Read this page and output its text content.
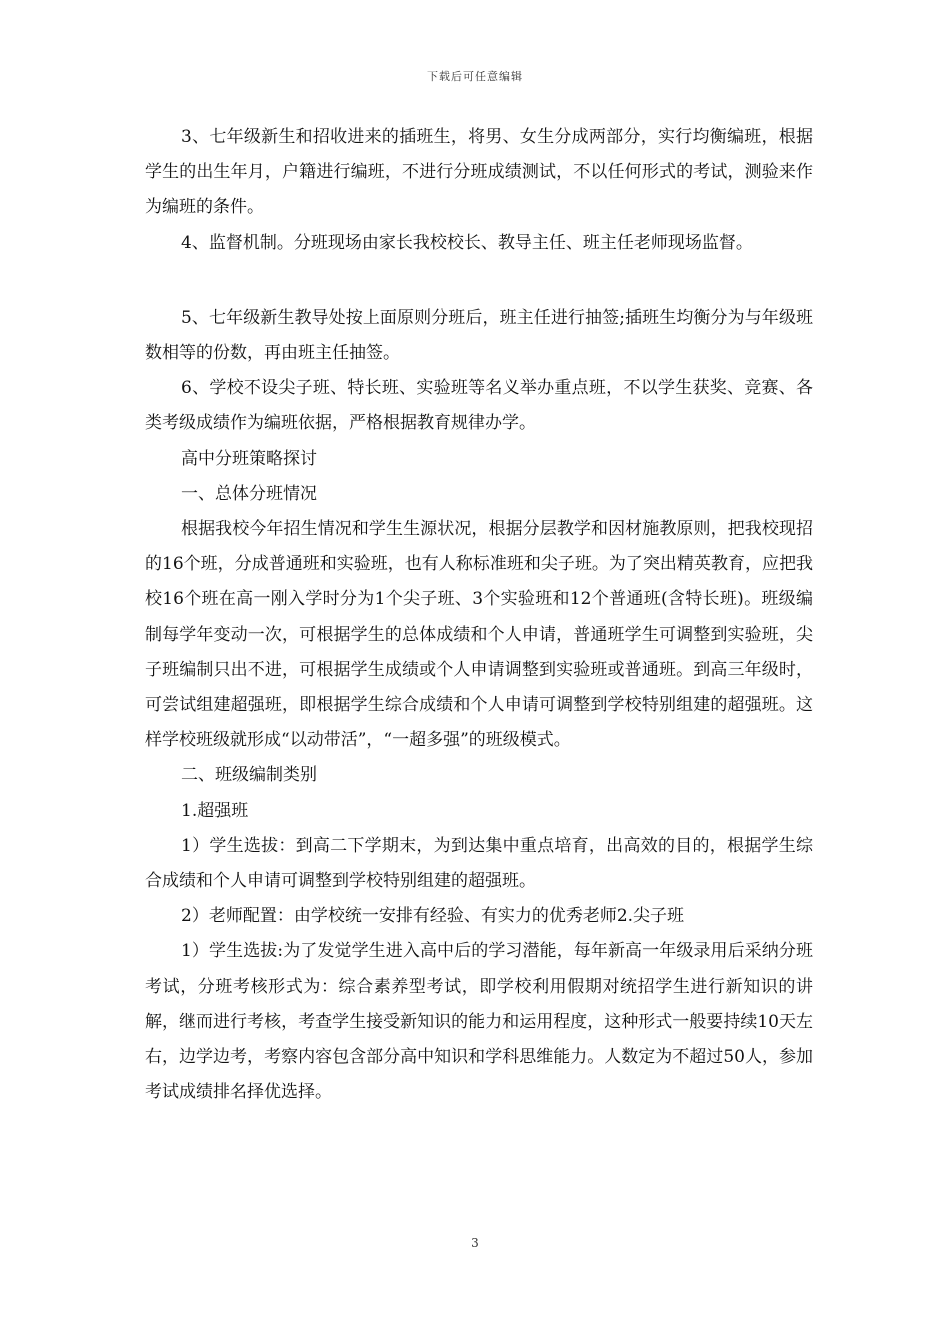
下载后可任意编辑

3、七年级新生和招收进来的插班生，将男、女生分成两部分，实行均衡编班，根据学生的出生年月，户籍进行编班，不进行分班成绩测试，不以任何形式的考试，测验来作为编班的条件。

4、监督机制。分班现场由家长我校校长、教导主任、班主任老师现场监督。

5、七年级新生教导处按上面原则分班后，班主任进行抽签;插班生均衡分为与年级班数相等的份数，再由班主任抽签。

6、学校不设尖子班、特长班、实验班等名义举办重点班，不以学生获奖、竞赛、各类考级成绩作为编班依据，严格根据教育规律办学。

高中分班策略探讨

一、总体分班情况

根据我校今年招生情况和学生生源状况，根据分层教学和因材施教原则，把我校现招的16个班，分成普通班和实验班，也有人称标准班和尖子班。为了突出精英教育，应把我校16个班在高一刚入学时分为1个尖子班、3个实验班和12个普通班(含特长班)。班级编制每学年变动一次，可根据学生的总体成绩和个人申请，普通班学生可调整到实验班，尖子班编制只出不进，可根据学生成绩或个人申请调整到实验班或普通班。到高三年级时，可尝试组建超强班，即根据学生综合成绩和个人申请可调整到学校特别组建的超强班。这样学校班级就形成“以动带活”，“一超多强”的班级模式。

二、班级编制类别

1.超强班

1）学生选拔：到高二下学期末，为到达集中重点培育，出高效的目的，根据学生综合成绩和个人申请可调整到学校特别组建的超强班。

2）老师配置：由学校统一安排有经验、有实力的优秀老师2.尖子班

1）学生选拔:为了发觉学生进入高中后的学习潜能，每年新高一年级录用后采纳分班考试，分班考核形式为：综合素养型考试，即学校利用假期对统招学生进行新知识的讲解，继而进行考核，考查学生接受新知识的能力和运用程度，这种形式一般要持续10天左右，边学边考，考察内容包含部分高中知识和学科思维能力。人数定为不超过50人，参加考试成绩排名择优选择。

3
